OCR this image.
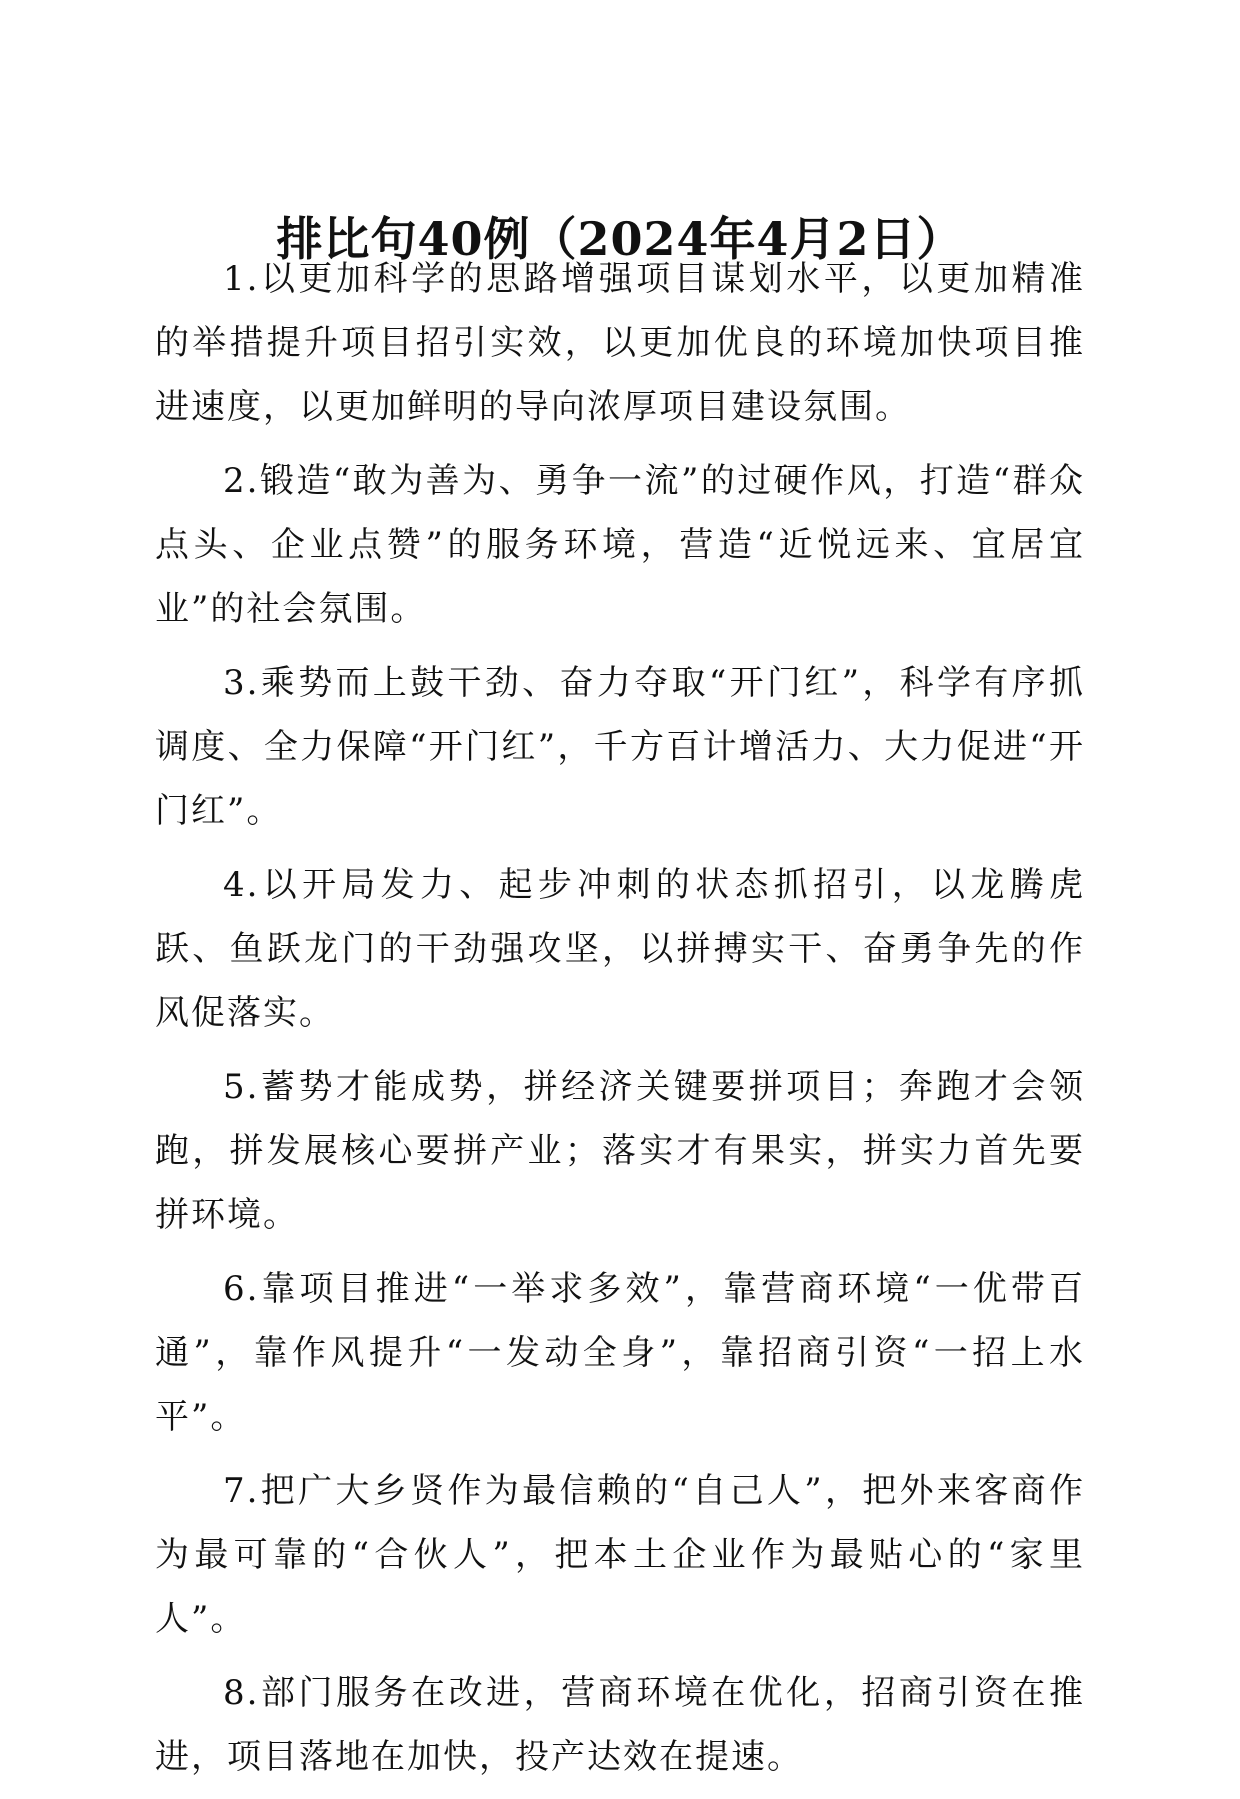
排比句40例（2024年4月2日）

1.以更加科学的思路增强项目谋划水平，以更加精准的举措提升项目招引实效，以更加优良的环境加快项目推进速度，以更加鲜明的导向浓厚项目建设氛围。

2.锻造“敢为善为、勇争一流”的过硬作风，打造“群众点头、企业点赞”的服务环境，营造“近悦远来、宜居宜业”的社会氛围。

3.乘势而上鼓干劲、奋力夺取“开门红”，科学有序抓调度、全力保障“开门红”，千方百计增活力、大力促进“开门红”。

4.以开局发力、起步冲刺的状态抓招引，以龙腾虎跃、鱼跃龙门的干劲强攻坚，以拼搏实干、奋勇争先的作风促落实。

5.蓄势才能成势，拼经济关键要拼项目；奔跑才会领跑，拼发展核心要拼产业；落实才有果实，拼实力首先要拼环境。

6.靠项目推进“一举求多效”，靠营商环境“一优带百通”，靠作风提升“一发动全身”，靠招商引资“一招上水平”。

7.把广大乡贤作为最信赖的“自己人”，把外来客商作为最可靠的“合伙人”，把本土企业作为最贴心的“家里人”。

8.部门服务在改进，营商环境在优化，招商引资在推进，项目落地在加快，投产达效在提速。
